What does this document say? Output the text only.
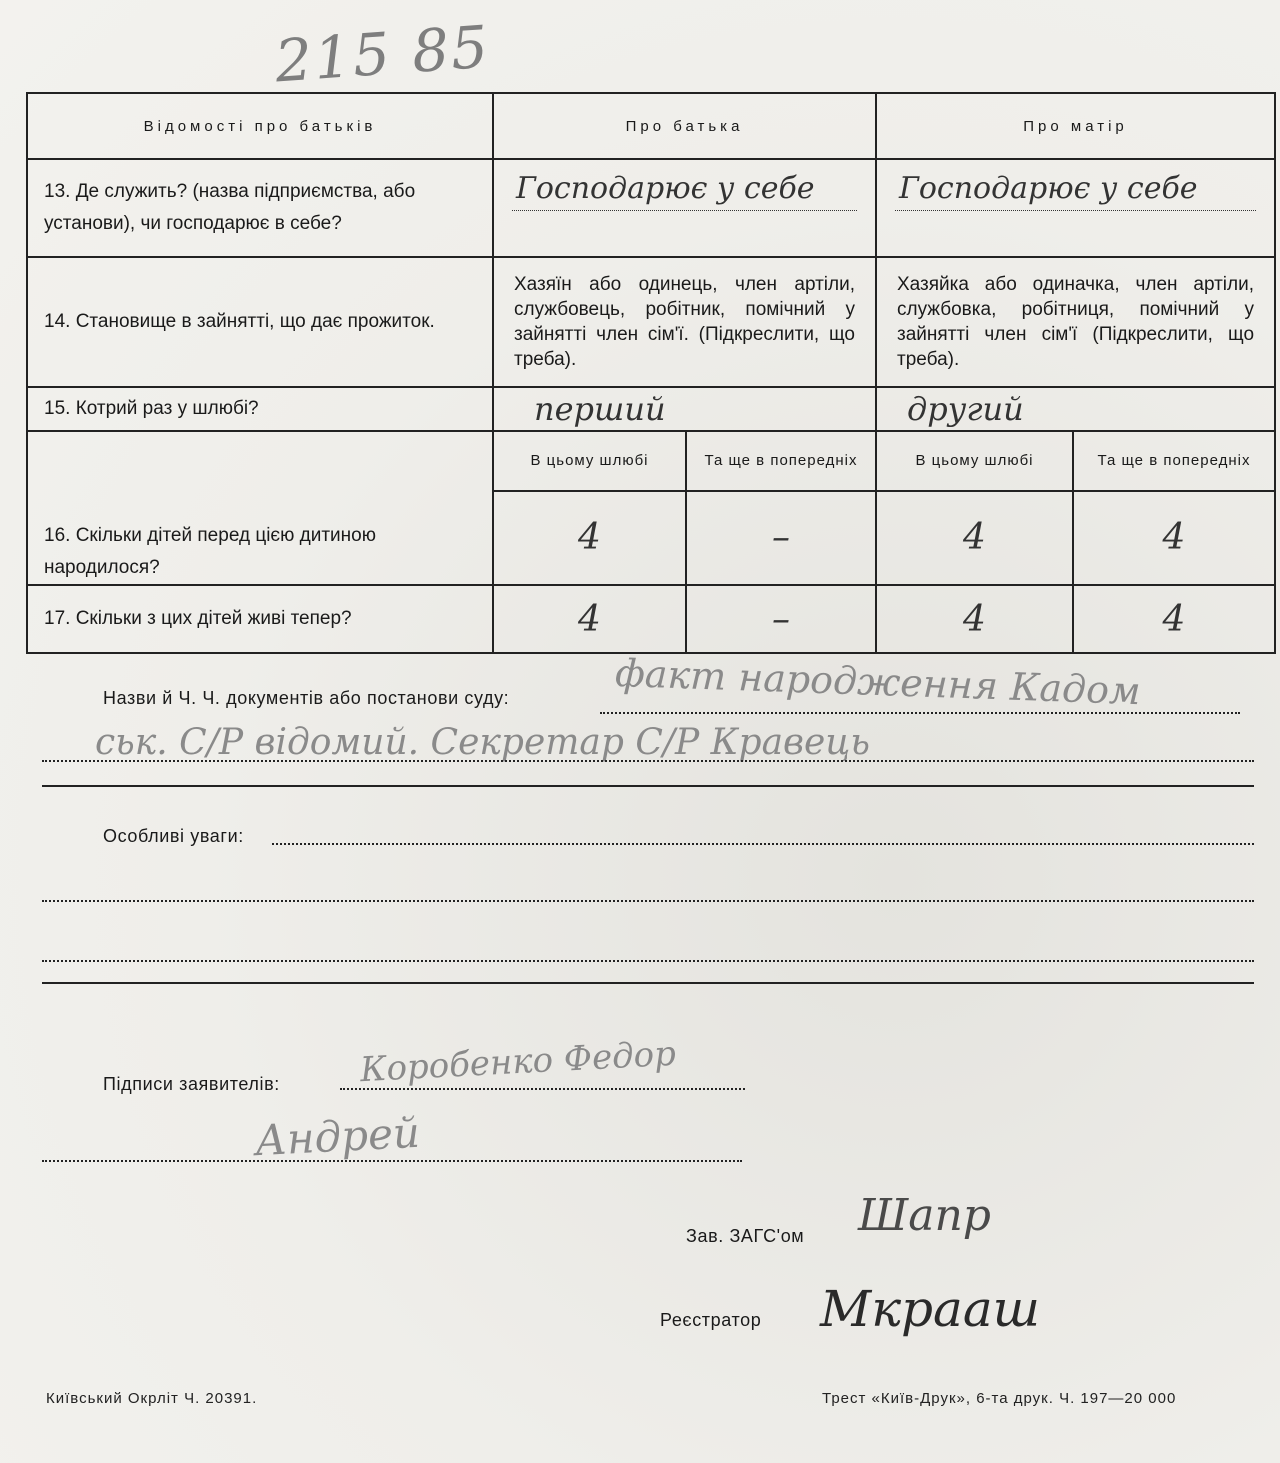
215 85
Відомості про батьків	Про батька		Про матір	
13. Де служить? (назва підприємства, або установи), чи господарює в себе?	Господарює у себе		Господарює у себе	

14. Становище в зайнятті, що дає прожиток.	Хазяїн або одинець, член артіли, службовець, робітник, помічний у зайнятті член сім'ї. (Підкреслити, що треба).		Хазяйка або одиначка, член артіли, службовка, робітниця, помічний у зайнятті член сім'ї (Підкреслити, що треба).	
15. Котрий раз у шлюбі?	перший		другий	
16. Скільки дітей перед цією дитиною народилося?	В цьому шлюбі	Та ще в попередніх	В цьому шлюбі	Та ще в попередніх
	4	–	4	4
17. Скільки з цих дітей живі тепер?	4	–	4	4
Назви й Ч. Ч. документів або постанови суду:	факт народження Кадом
ськ. С/Р відомий. Секретар С/Р Кравець
Особливі уваги:
Підписи заявителів: Коробенко Федор
Андрей
Зав. ЗАГС'ом Шапр
Реєстратор Мкрааш
Київський Окрліт Ч. 20391.	Трест «Київ-Друк», 6-та друк. Ч. 197—20 000
